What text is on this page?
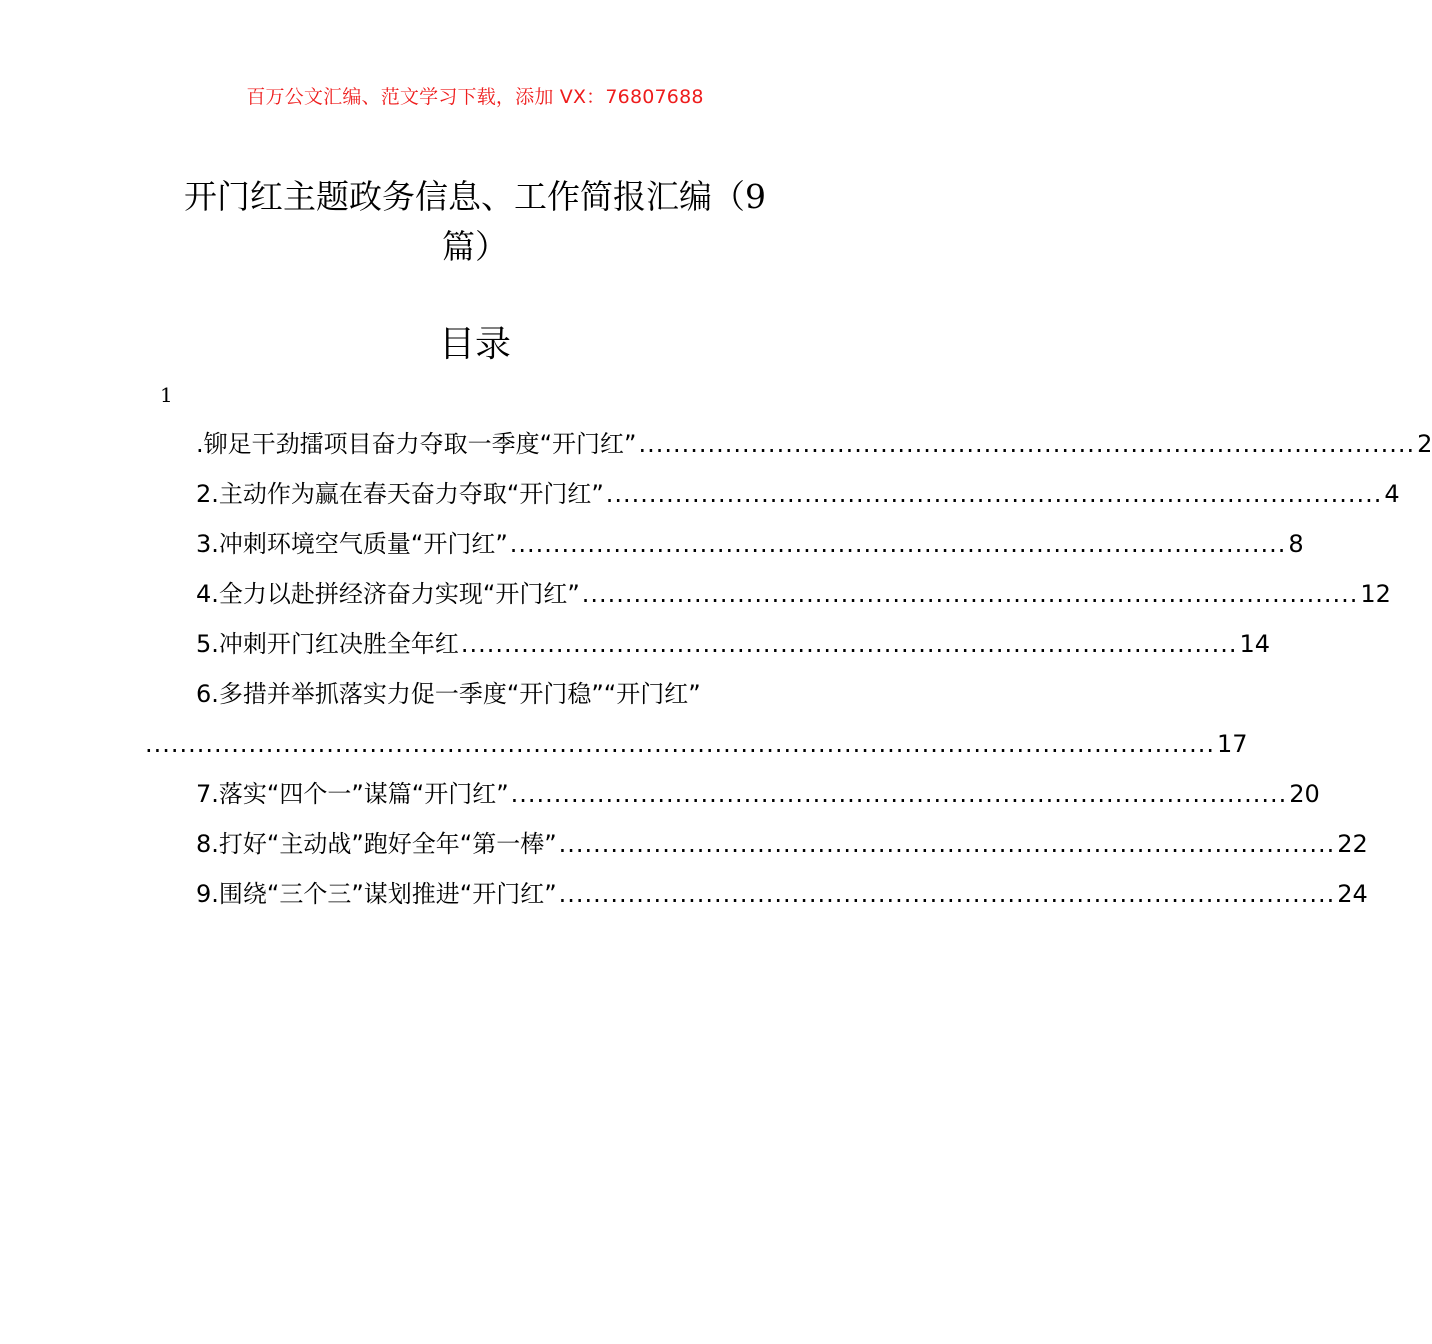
百万公文汇编、范文学习下载，添加 VX：76807688
开门红主题政务信息、工作简报汇编（9
篇）
目录
1
.铆足干劲擂项目奋力夺取一季度“开门红” .......................................................................................... 2
2.主动作为赢在春天奋力夺取“开门红” .......................................................................................... 4
3.冲刺环境空气质量“开门红” .......................................................................................... 8
4.全力以赴拼经济奋力实现“开门红” .......................................................................................... 12
5.冲刺开门红决胜全年红 .......................................................................................... 14
6.多措并举抓落实力促一季度“开门稳”“开门红”
............................................................................................................................ 17
7.落实“四个一”谋篇“开门红” .......................................................................................... 20
8.打好“主动战”跑好全年“第一棒” .......................................................................................... 22
9.围绕“三个三”谋划推进“开门红” .......................................................................................... 24
